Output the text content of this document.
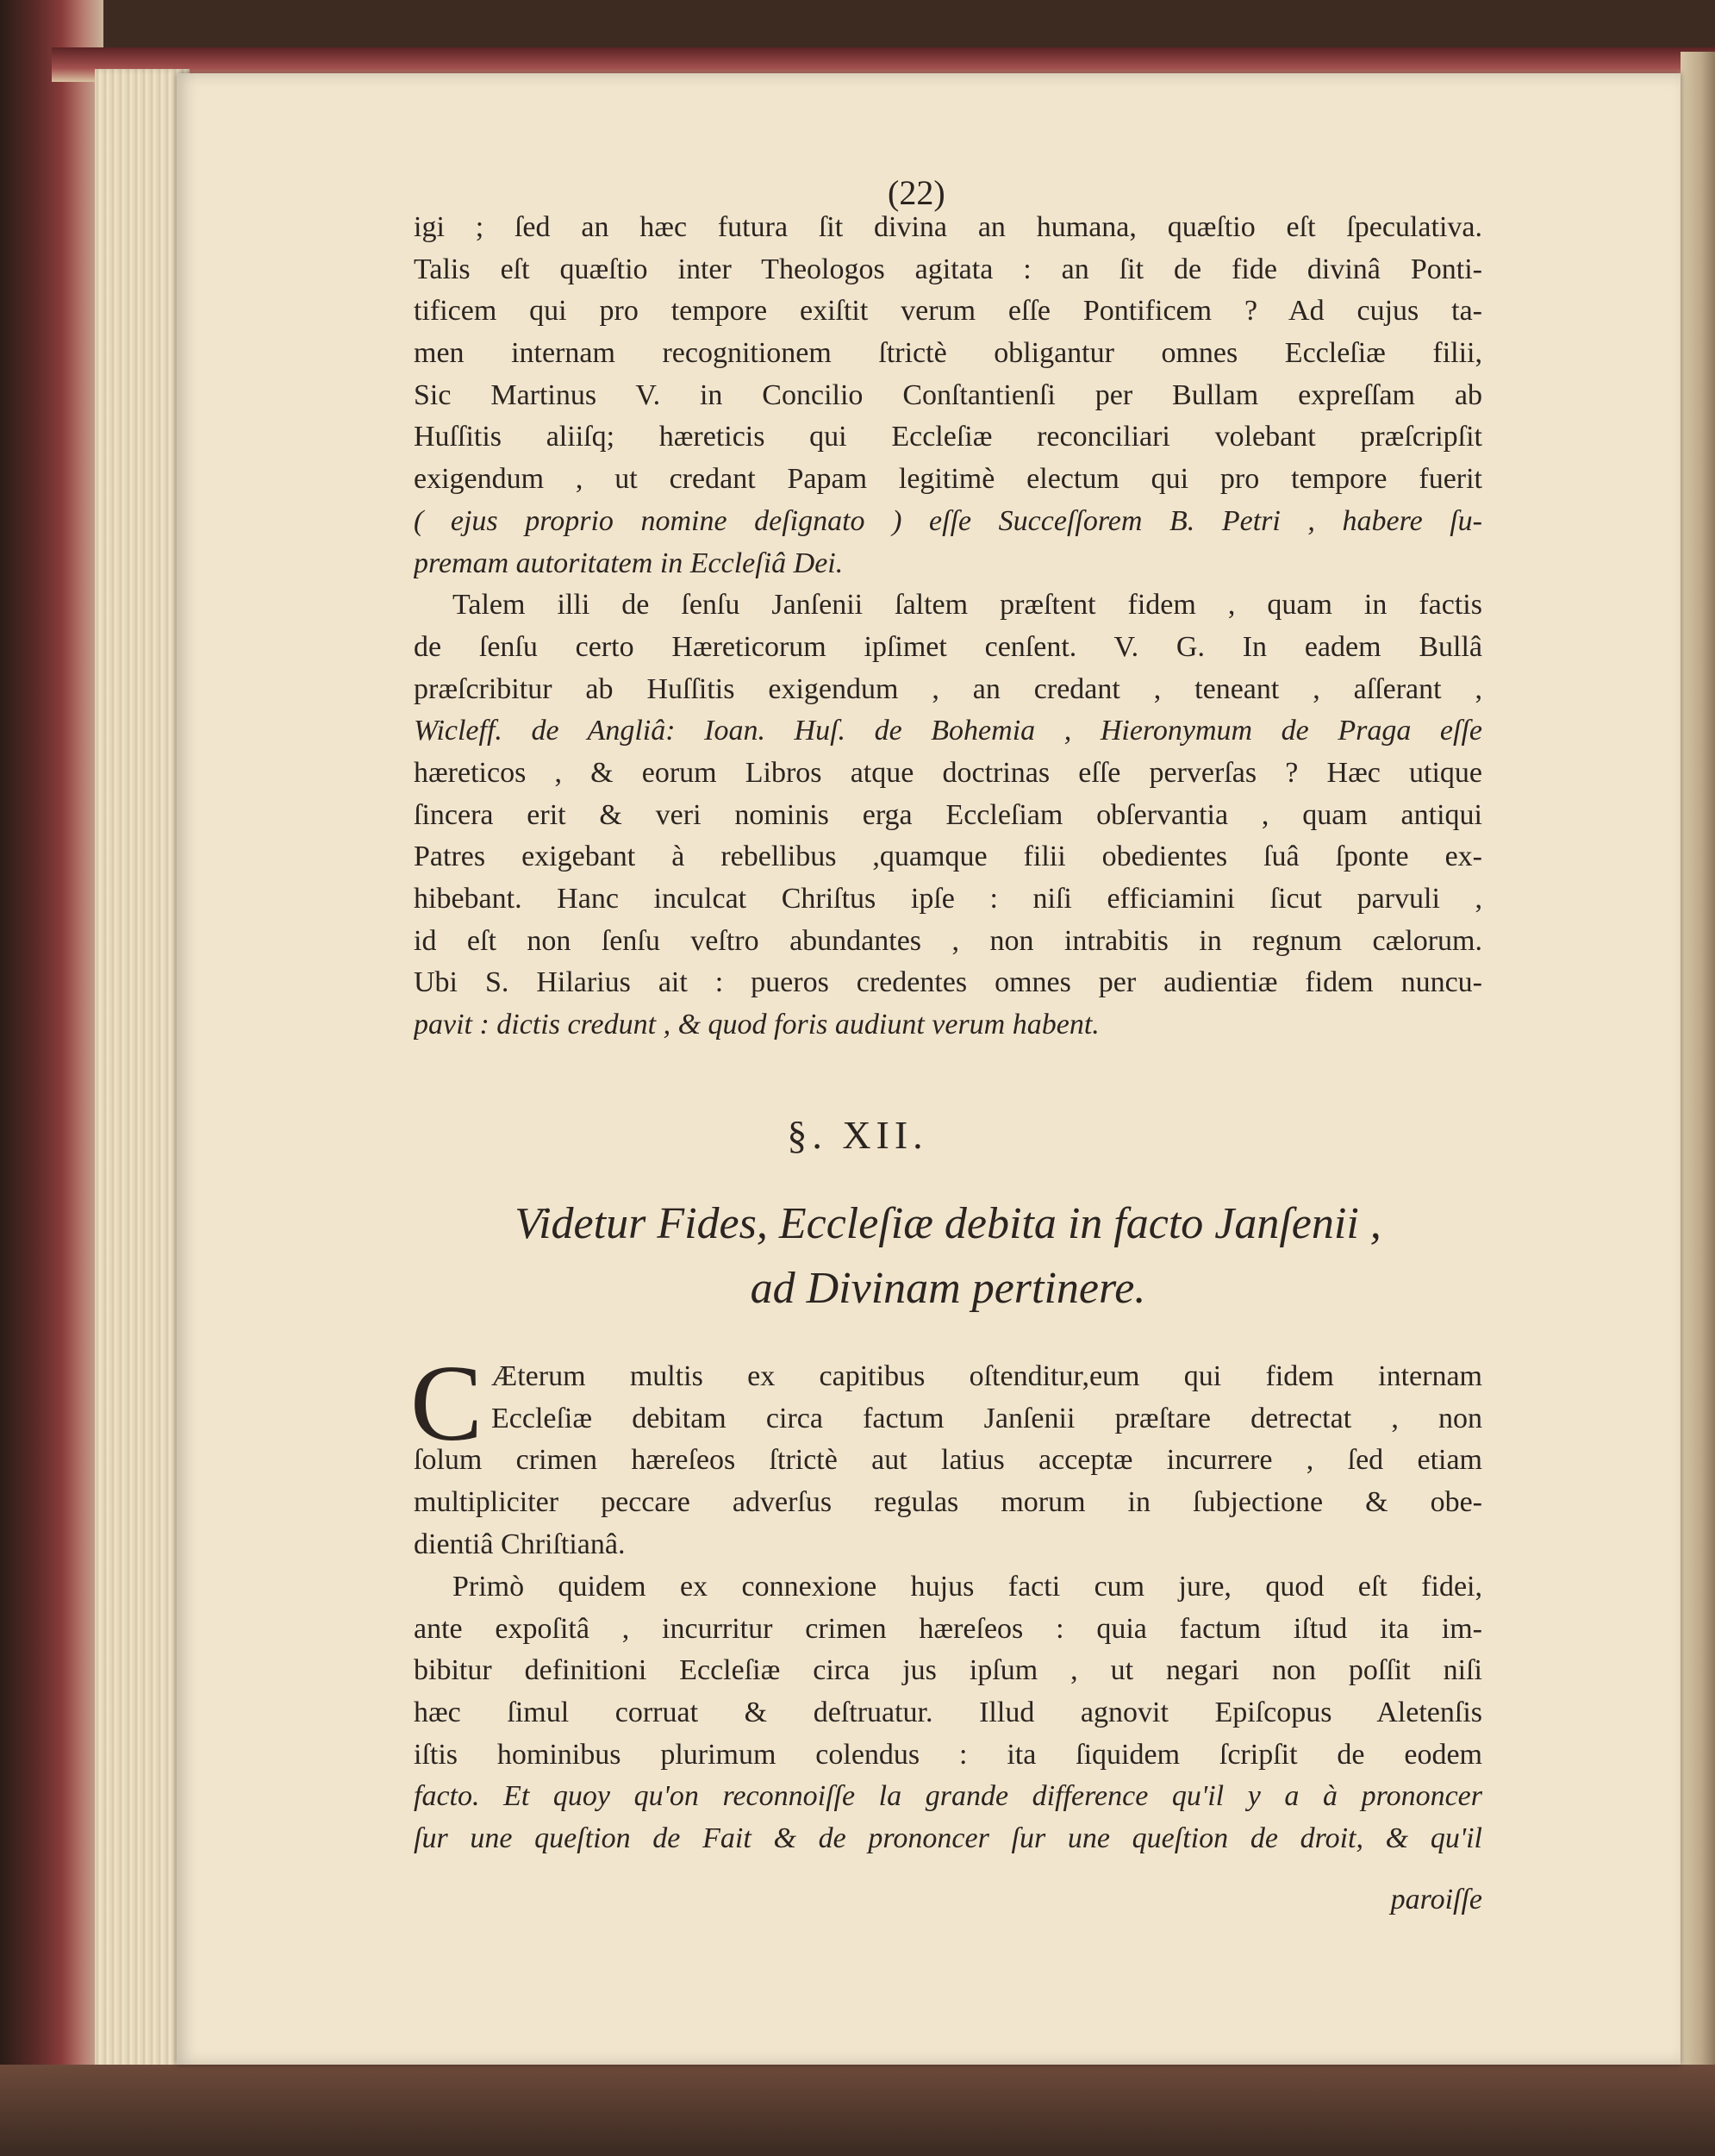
(22)
igi ; ſed an hæc futura ſit divina an humana, quæſtio eſt ſpeculativa.
Talis eſt quæſtio inter Theologos agitata : an ſit de fide divinâ Ponti-
tificem qui pro tempore exiſtit verum eſſe Pontificem ? Ad cujus ta-
men internam recognitionem ſtrictè obligantur omnes Eccleſiæ filii,
Sic Martinus V. in Concilio Conſtantienſi per Bullam expreſſam ab
Huſſitis aliiſq; hæreticis qui Eccleſiæ reconciliari volebant præſcripſit
exigendum , ut credant Papam legitimè electum qui pro tempore fuerit
( ejus proprio nomine deſignato ) eſſe Succeſſorem B. Petri , habere ſu-
premam autoritatem in Eccleſiâ Dei.
Talem illi de ſenſu Janſenii ſaltem præſtent fidem , quam in factis
de ſenſu certo Hæreticorum ipſimet cenſent. V. G. In eadem Bullâ
præſcribitur ab Huſſitis exigendum , an credant , teneant , aſſerant ,
Wicleff. de Angliâ: Ioan. Huſ. de Bohemia , Hieronymum de Praga eſſe
hæreticos , & eorum Libros atque doctrinas eſſe perverſas ? Hæc utique
ſincera erit & veri nominis erga Eccleſiam obſervantia , quam antiqui
Patres exigebant à rebellibus ,quamque filii obedientes ſuâ ſponte ex-
hibebant. Hanc inculcat Chriſtus ipſe : niſi efficiamini ſicut parvuli ,
id eſt non ſenſu veſtro abundantes , non intrabitis in regnum cælorum.
Ubi S. Hilarius ait : pueros credentes omnes per audientiæ fidem nuncu-
pavit : dictis credunt , & quod foris audiunt verum habent.
§. XII.
Videtur Fides, Eccleſiæ debita in facto Janſenii ,
ad Divinam pertinere.
C Æterum multis ex capitibus oſtenditur,eum qui fidem internam
Eccleſiæ debitam circa factum Janſenii præſtare detrectat , non
ſolum crimen hæreſeos ſtrictè aut latius acceptæ incurrere , ſed etiam
multipliciter peccare adverſus regulas morum in ſubjectione & obe-
dientiâ Chriſtianâ.
Primò quidem ex connexione hujus facti cum jure, quod eſt fidei,
ante expoſitâ , incurritur crimen hæreſeos : quia factum iſtud ita im-
bibitur definitioni Eccleſiæ circa jus ipſum , ut negari non poſſit niſi
hæc ſimul corruat & deſtruatur. Illud agnovit Epiſcopus Aletenſis
iſtis hominibus plurimum colendus : ita ſiquidem ſcripſit de eodem
facto. Et quoy qu'on reconnoiſſe la grande difference qu'il y a à prononcer
ſur une queſtion de Fait & de prononcer ſur une queſtion de droit, & qu'il
paroiſſe
